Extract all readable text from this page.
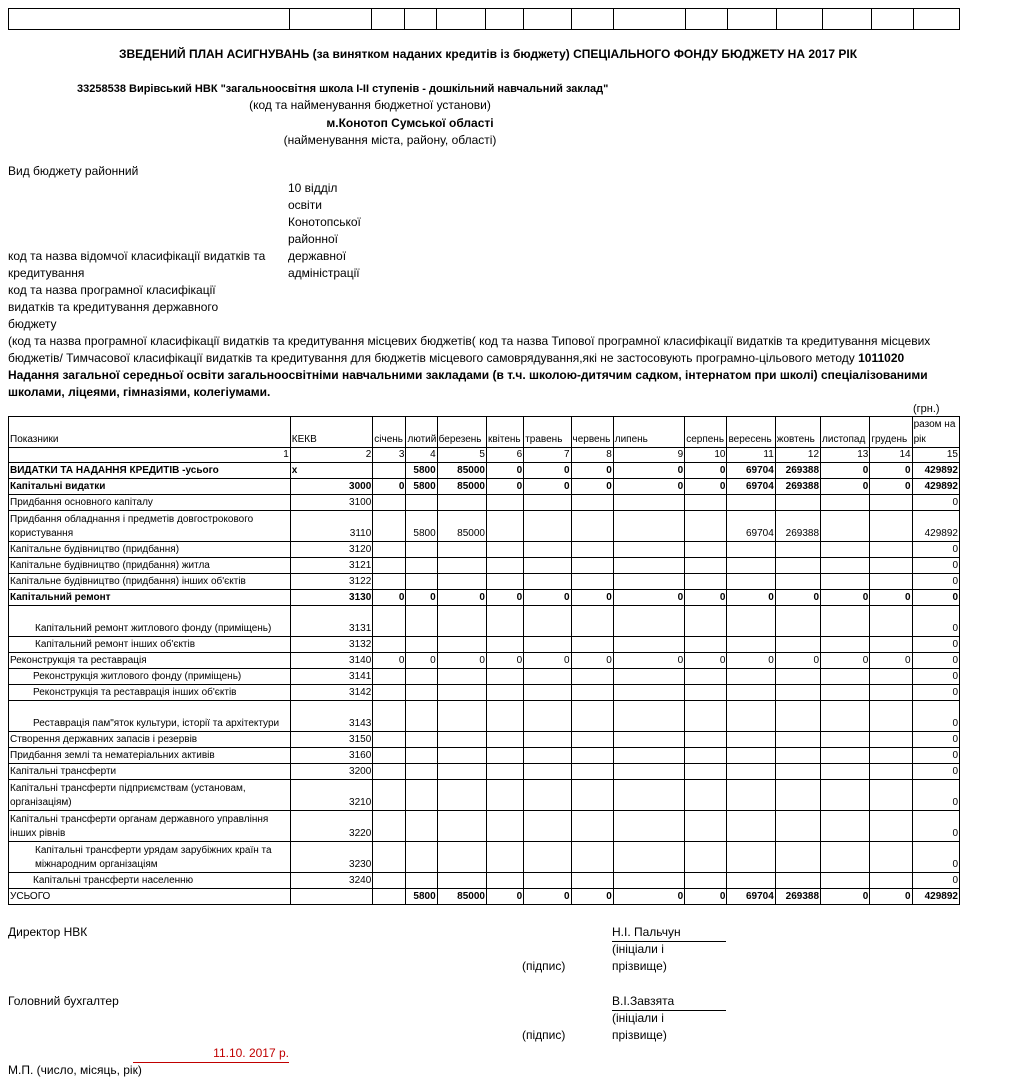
ЗВЕДЕНИЙ ПЛАН АСИГНУВАНЬ (за винятком наданих кредитів із бюджету) СПЕЦІАЛЬНОГО ФОНДУ БЮДЖЕТУ НА 2017 РІК
33258538 Вирівський НВК "загальноосвітня школа I-II ступенів - дошкільний навчальний заклад"
(код та найменування бюджетної установи)
м.Конотоп Сумської області
(найменування міста, району, області)
Вид бюджету районний
10 відділ
освіти
Конотопської
районної
державної
адміністрації
код та назва відомчої класифікації видатків та кредитування
код та назва програмної класифікації видатків та кредитування державного бюджету
(код та назва програмної класифікації видатків та кредитування місцевих бюджетів( код та назва Типової програмної класифікації видатків та кредитування місцевих бюджетів/ Тимчасової класифікації видатків та кредитування для бюджетів місцевого самоврядування,які не застосовують програмно-цільового методу 1011020 Надання загальної середньої освіти загальноосвітніми навчальними закладами (в т.ч. школою-дитячим садком, інтернатом при школі) спеціалізованими школами, ліцеями, гімназіями, колегіумами.
(грн.)
Показники	КЕКВ	січень	лютий	березень	квітень	травень	червень	липень	серпень	вересень	жовтень	листопад	грудень	разом на рік
1	2	3	4	5	6	7	8	9	10	11	12	13	14	15
ВИДАТКИ ТА НАДАННЯ КРЕДИТІВ -усього	х		5800	85000	0	0	0	0	0	69704	269388	0	0	429892
Капітальні видатки	3000	0	5800	85000	0	0	0	0	0	69704	269388	0	0	429892
Придбання основного капіталу	3100													0
Придбання обладнання і предметів довгострокового користування	3110		5800	85000						69704	269388			429892
Капітальне будівництво (придбання)	3120													0
Капітальне будівництво (придбання) житла	3121													0
Капітальне будівництво (придбання) інших об'єктів	3122													0
Капітальний ремонт	3130	0	0	0	0	0	0	0	0	0	0	0	0	0
Капітальний ремонт житлового фонду (приміщень)	3131													0
Капітальний ремонт інших об'єктів	3132													0
Реконструкція та реставрація	3140	0	0	0	0	0	0	0	0	0	0	0	0	0
Реконструкція житлового фонду (приміщень)	3141													0
Реконструкція та реставрація інших об'єктів	3142													0
Реставрація пам"яток культури, історії та архітектури	3143													0
Створення державних запасів і резервів	3150													0
Придбання землі та нематеріальних активів	3160													0
Капітальні трансферти	3200													0
Капітальні трансферти підприємствам (установам, організаціям)	3210													0
Капітальні трансферти органам державного управління інших рівнів	3220													0
Капітальні трансферти урядам зарубіжних країн та міжнародним організаціям	3230													0
Капітальні трансферти населенню	3240													0
УСЬОГО			5800	85000	0	0	0	0	0	69704	269388	0	0	429892
Директор НВК	Н.І. Пальчун
(ініціали і
(підпис)	прізвище)
Головний бухгалтер	В.І.Завзята
(ініціали і
(підпис)	прізвище)
11.10. 2017 р.
М.П. (число, місяць, рік)
